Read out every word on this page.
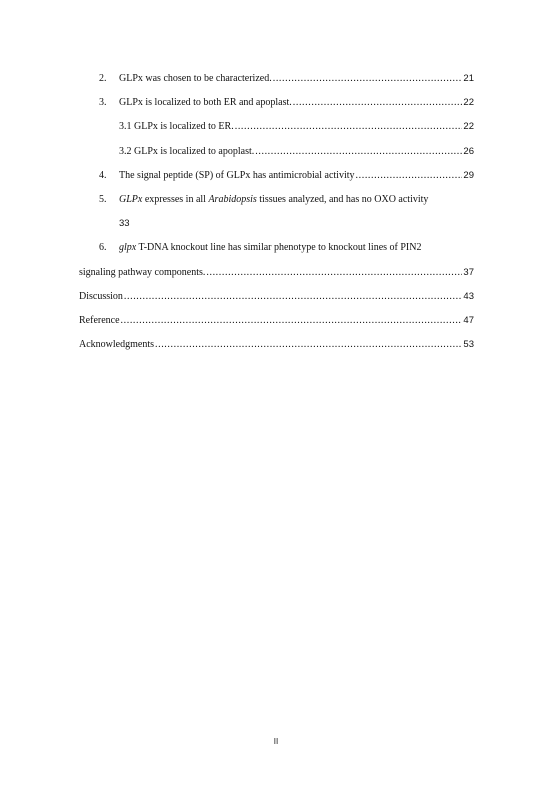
2.	GLPx was chosen to be characterized. .....	21
3.	GLPx is localized to both ER and apoplast. .....	22
3.1 GLPx is localized to ER. .....	22
3.2 GLPx is localized to apoplast. .....	26
4.	The signal peptide (SP) of GLPx has antimicrobial activity .....	29
5.	GLPx expresses in all Arabidopsis tissues analyzed, and has no OXO activity
33
6.	glpx T-DNA knockout line has similar phenotype to knockout lines of PIN2
signaling pathway components. .....	37
Discussion .....	43
Reference .....	47
Acknowledgments .....	53
II
